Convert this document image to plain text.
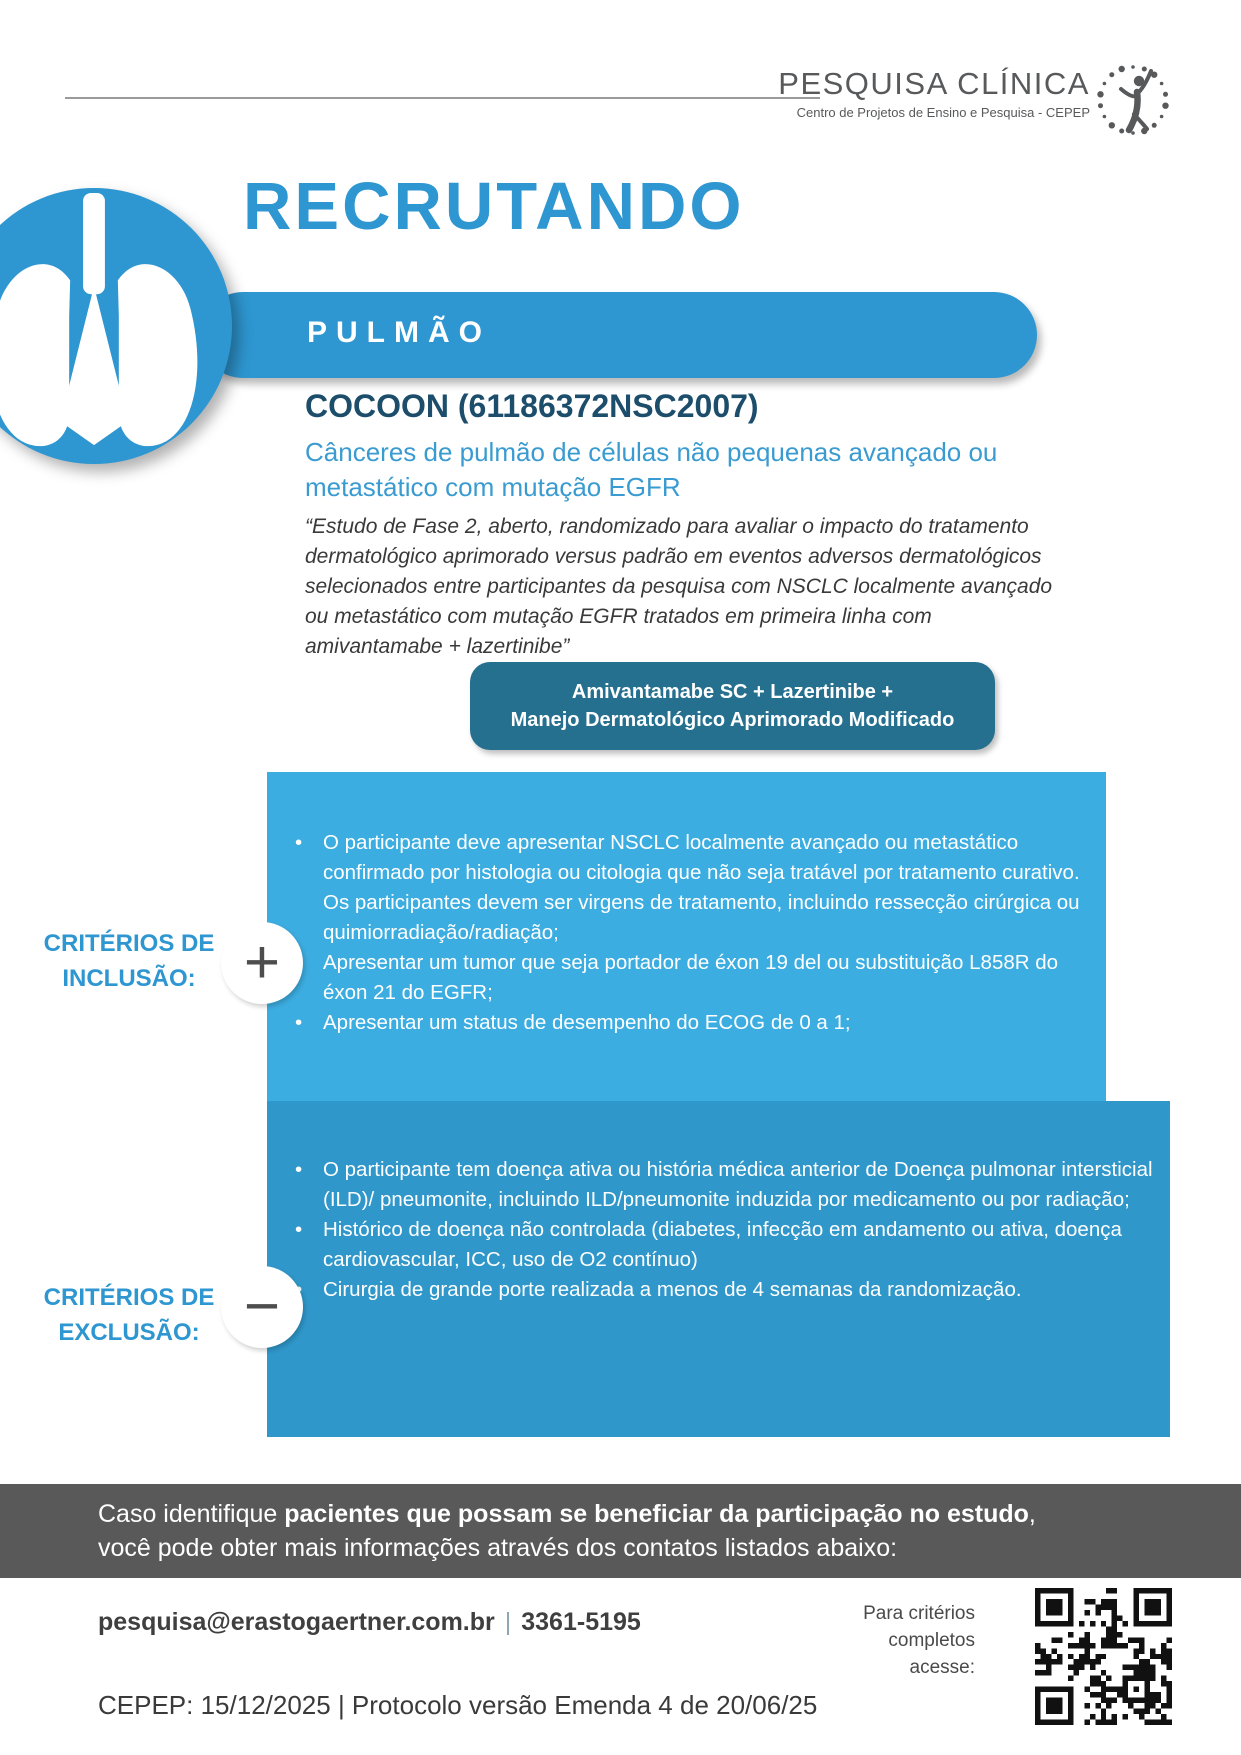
PESQUISA CLÍNICA
Centro de Projetos de Ensino e Pesquisa - CEPEP
RECRUTANDO
PULMÃO
COCOON (61186372NSC2007)
Cânceres de pulmão de células não pequenas avançado ou
metastático com mutação EGFR
“Estudo de Fase 2, aberto, randomizado para avaliar o impacto do tratamento
dermatológico aprimorado versus padrão em eventos adversos dermatológicos
selecionados entre participantes da pesquisa com NSCLC localmente avançado
ou metastático com mutação EGFR tratados em primeira linha com
amivantamabe + lazertinibe”
Amivantamabe SC + Lazertinibe +
Manejo Dermatológico Aprimorado Modificado
O participante deve apresentar NSCLC localmente avançado ou metastático confirmado por histologia ou citologia que não seja tratável por tratamento curativo. Os participantes devem ser virgens de tratamento, incluindo ressecção cirúrgica ou quimiorradiação/radiação;
Apresentar um tumor que seja portador de éxon 19 del ou substituição L858R do éxon 21 do EGFR;
Apresentar um status de desempenho do ECOG de 0 a 1;
CRITÉRIOS DE
INCLUSÃO: +
O participante tem doença ativa ou história médica anterior de Doença pulmonar intersticial (ILD)/ pneumonite, incluindo ILD/pneumonite induzida por medicamento ou por radiação;
Histórico de doença não controlada (diabetes, infecção em andamento ou ativa, doença cardiovascular, ICC, uso de O2 contínuo)
Cirurgia de grande porte realizada a menos de 4 semanas da randomização.
CRITÉRIOS DE
EXCLUSÃO: −
Caso identifique pacientes que possam se beneficiar da participação no estudo,
você pode obter mais informações através dos contatos listados abaixo:
pesquisa@erastogaertner.com.br | 3361-5195	Para critérios
completos
acesse:
CEPEP: 15/12/2025 | Protocolo versão Emenda 4 de 20/06/25
